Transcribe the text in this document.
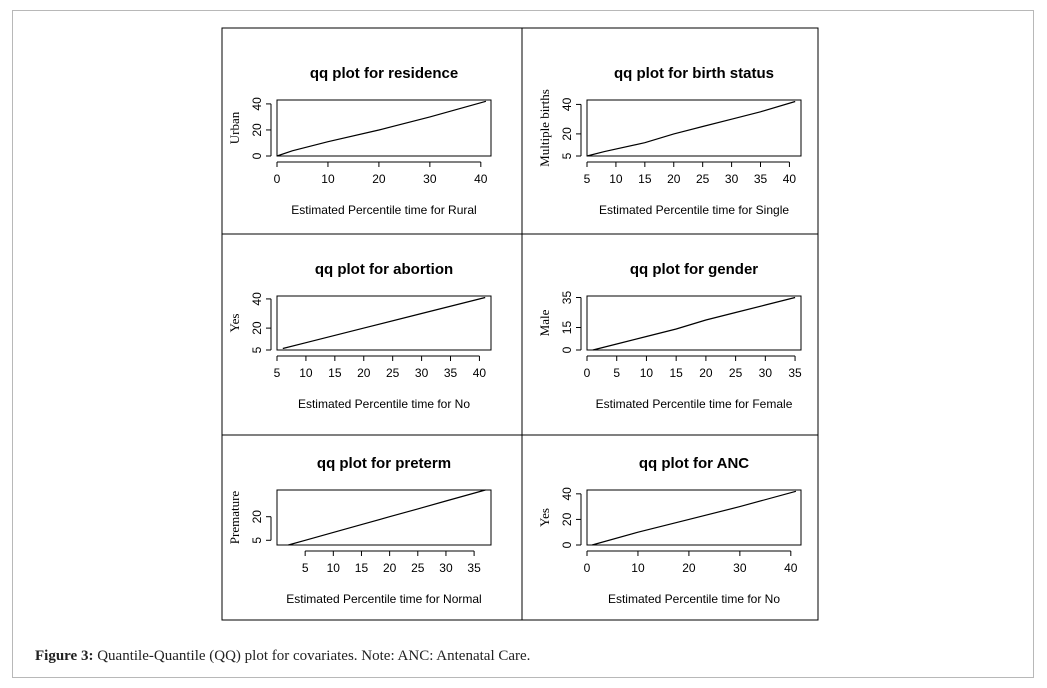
qq plot for residence
0	10	20	30	40
0
20
40
Estimated Percentile time for Rural
Urban
qq plot for birth status
5 10 15 20 25 30 35 40
5
20
40
Estimated Percentile time for Single
Multiple births
qq plot for abortion
5 10 15 20 25 30 35 40
5
20
40
Estimated Percentile time for No
Yes
qq plot for gender
0 5 10 15 20 25 30 35
0
15
35
Estimated Percentile time for Female
Male
qq plot for preterm
5 10 15 20 25 30 35
5
20
Estimated Percentile time for Normal
Premature
qq plot for ANC
0	10	20	30	40
0
20
40
Estimated Percentile time for No
Yes
Figure 3: Quantile-Quantile (QQ) plot for covariates. Note: ANC: Antenatal Care.
